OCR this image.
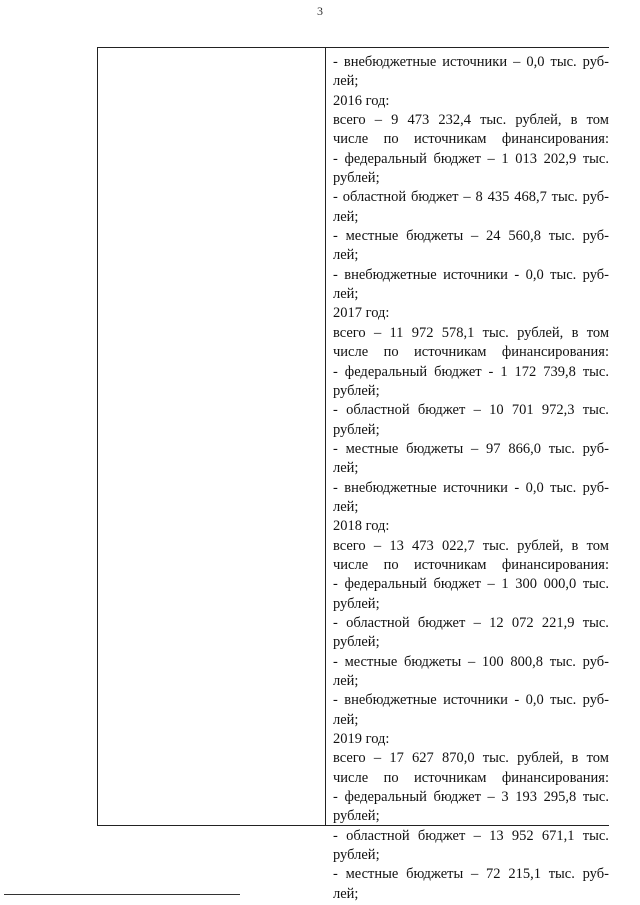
3
- внебюджетные источники – 0,0 тыс. руб-
лей;
2016 год:
всего – 9 473 232,4 тыс. рублей, в том
числе по источникам финансирования:
- федеральный бюджет – 1 013 202,9 тыс.
рублей;
- областной бюджет – 8 435 468,7 тыс. руб-
лей;
- местные бюджеты – 24 560,8 тыс. руб-
лей;
- внебюджетные источники - 0,0 тыс. руб-
лей;
2017 год:
всего – 11 972 578,1 тыс. рублей, в том
числе по источникам финансирования:
- федеральный бюджет - 1 172 739,8 тыс.
рублей;
- областной бюджет – 10 701 972,3 тыс.
рублей;
- местные бюджеты – 97 866,0 тыс. руб-
лей;
- внебюджетные источники - 0,0 тыс. руб-
лей;
2018 год:
всего – 13 473 022,7 тыс. рублей, в том
числе по источникам финансирования:
- федеральный бюджет – 1 300 000,0 тыс.
рублей;
- областной бюджет – 12 072 221,9 тыс.
рублей;
- местные бюджеты – 100 800,8 тыс. руб-
лей;
- внебюджетные источники - 0,0 тыс. руб-
лей;
2019 год:
всего – 17 627 870,0 тыс. рублей, в том
числе по источникам финансирования:
- федеральный бюджет – 3 193 295,8 тыс.
рублей;
- областной бюджет – 13 952 671,1 тыс.
рублей;
- местные бюджеты – 72 215,1 тыс. руб-
лей;
